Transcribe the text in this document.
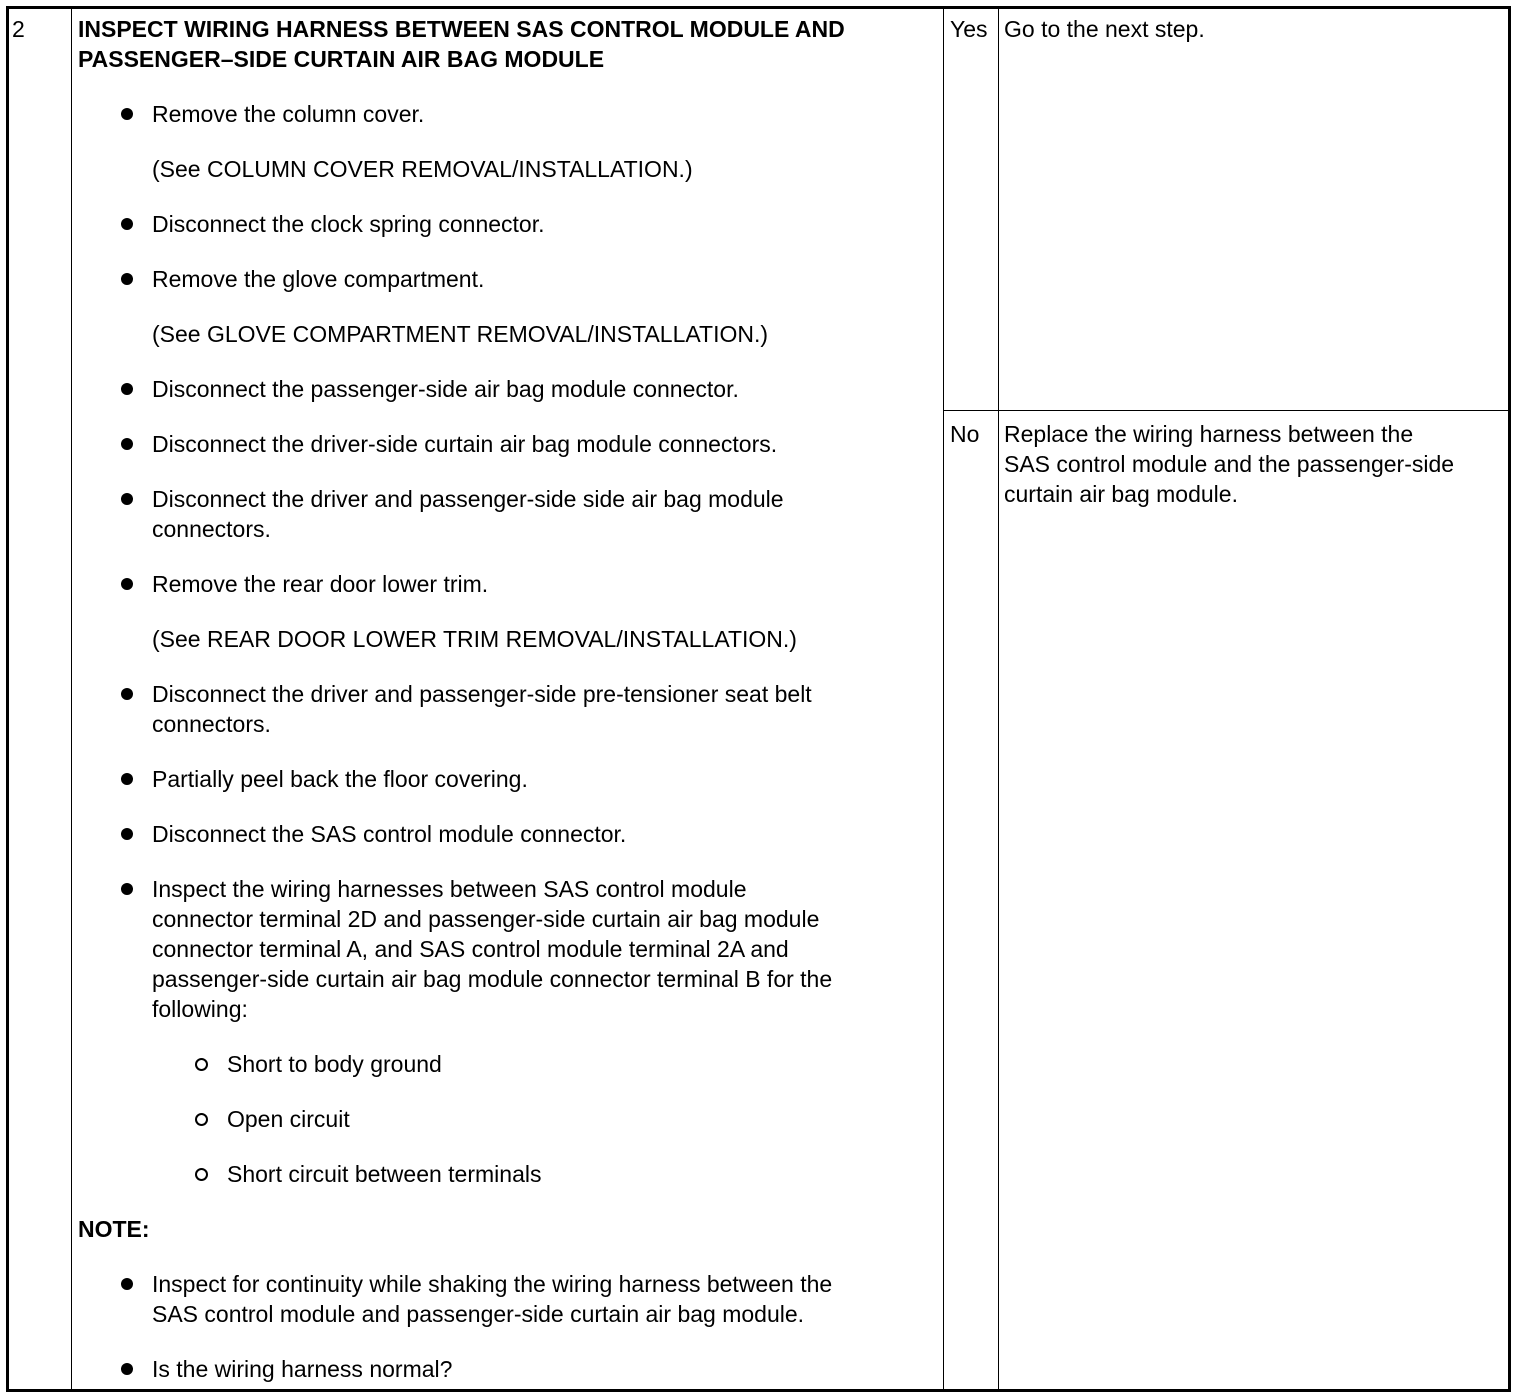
2 INSPECT WIRING HARNESS BETWEEN SAS CONTROL MODULE AND
PASSENGER–SIDE CURTAIN AIR BAG MODULE
Remove the column cover.
(See COLUMN COVER REMOVAL/INSTALLATION.)
Disconnect the clock spring connector.
Remove the glove compartment.
(See GLOVE COMPARTMENT REMOVAL/INSTALLATION.)
Disconnect the passenger-side air bag module connector.
Disconnect the driver-side curtain air bag module connectors.
Disconnect the driver and passenger-side side air bag module
connectors.
Remove the rear door lower trim.
(See REAR DOOR LOWER TRIM REMOVAL/INSTALLATION.)
Disconnect the driver and passenger-side pre-tensioner seat belt
connectors.
Partially peel back the floor covering.
Disconnect the SAS control module connector.
Inspect the wiring harnesses between SAS control module
connector terminal 2D and passenger-side curtain air bag module
connector terminal A, and SAS control module terminal 2A and
passenger-side curtain air bag module connector terminal B for the
following:
Short to body ground
Open circuit
Short circuit between terminals
NOTE:
Inspect for continuity while shaking the wiring harness between the
SAS control module and passenger-side curtain air bag module.
Is the wiring harness normal?
Yes Go to the next step.
No Replace the wiring harness between the
SAS control module and the passenger-side
curtain air bag module.
